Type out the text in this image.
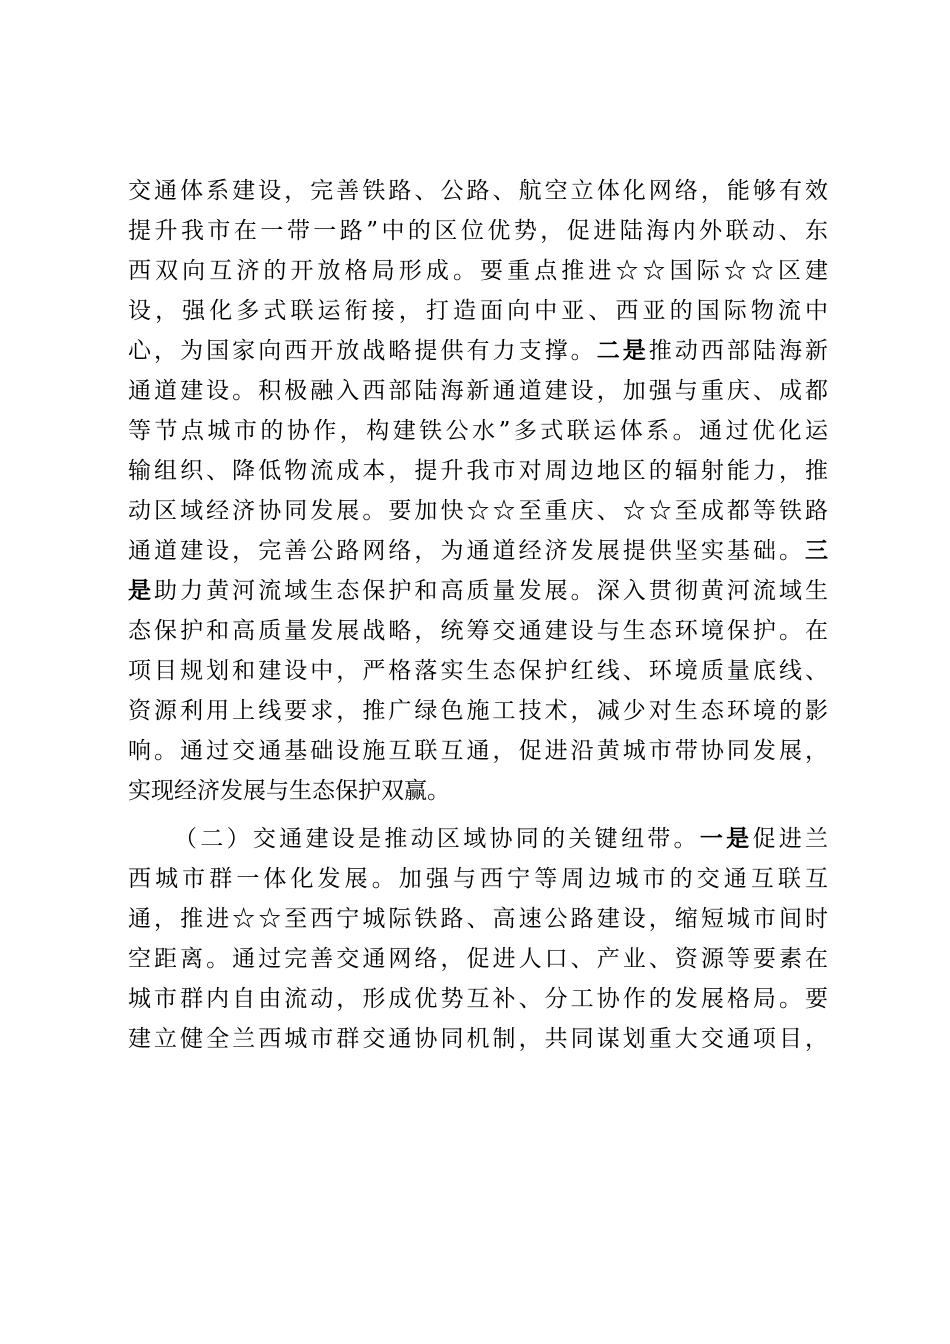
交通体系建设，完善铁路、公路、航空立体化网络，能够有效
提升我市在一带一路”中的区位优势，促进陆海内外联动、东
西双向互济的开放格局形成。要重点推进☆☆国际☆☆区建
设，强化多式联运衔接，打造面向中亚、西亚的国际物流中
心，为国家向西开放战略提供有力支撑。二是推动西部陆海新
通道建设。积极融入西部陆海新通道建设，加强与重庆、成都
等节点城市的协作，构建铁公水”多式联运体系。通过优化运
输组织、降低物流成本，提升我市对周边地区的辐射能力，推
动区域经济协同发展。要加快☆☆至重庆、☆☆至成都等铁路
通道建设，完善公路网络，为通道经济发展提供坚实基础。三
是助力黄河流域生态保护和高质量发展。深入贯彻黄河流域生
态保护和高质量发展战略，统筹交通建设与生态环境保护。在
项目规划和建设中，严格落实生态保护红线、环境质量底线、
资源利用上线要求，推广绿色施工技术，减少对生态环境的影
响。通过交通基础设施互联互通，促进沿黄城市带协同发展，
实现经济发展与生态保护双赢。
（二）交通建设是推动区域协同的关键纽带。一是促进兰
西城市群一体化发展。加强与西宁等周边城市的交通互联互
通，推进☆☆至西宁城际铁路、高速公路建设，缩短城市间时
空距离。通过完善交通网络，促进人口、产业、资源等要素在
城市群内自由流动，形成优势互补、分工协作的发展格局。要
建立健全兰西城市群交通协同机制，共同谋划重大交通项目，
